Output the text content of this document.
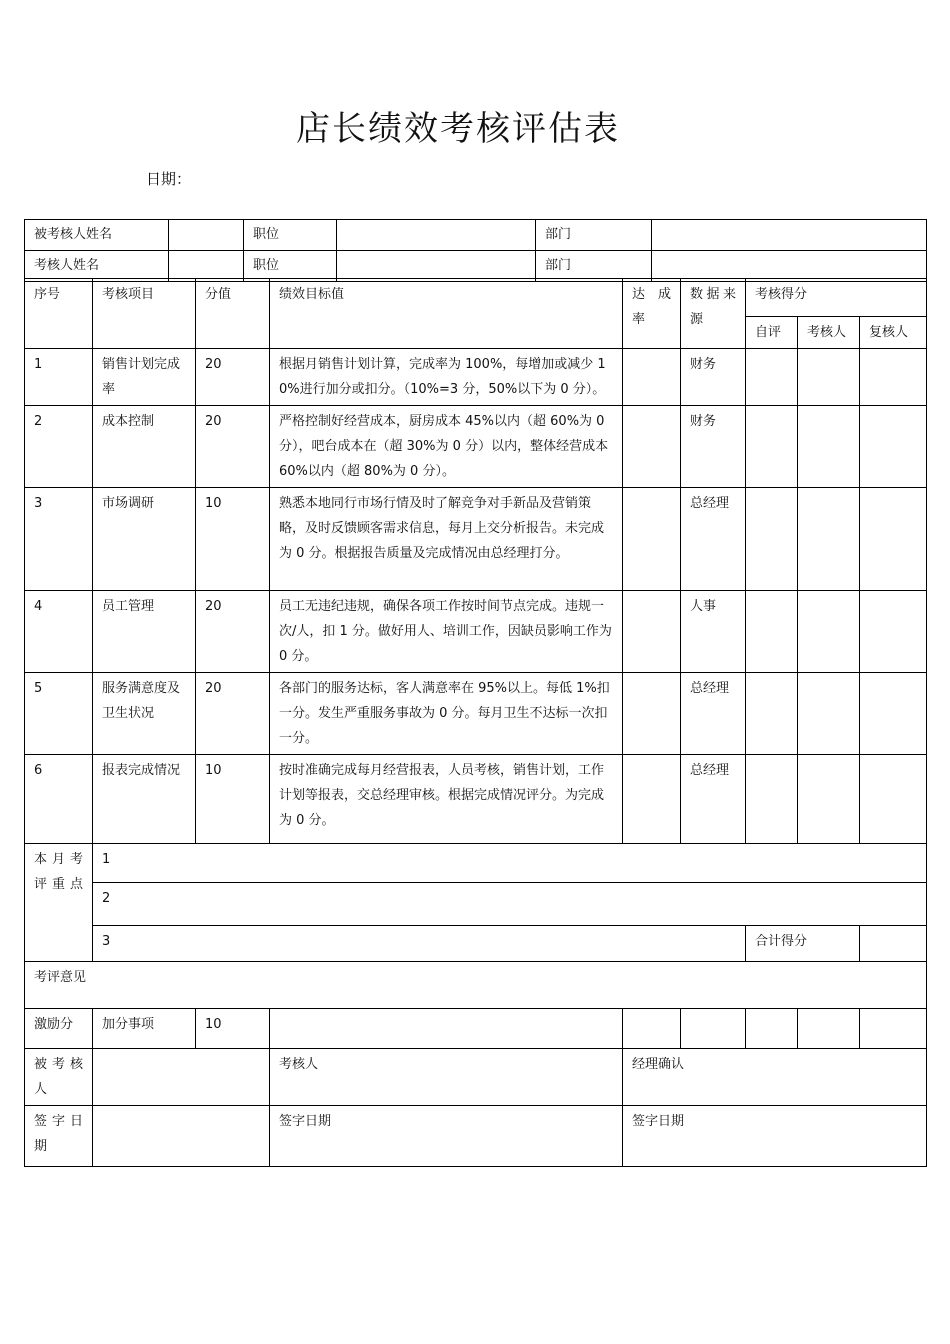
店长绩效考核评估表
日期：
被考核人姓名		职位		部门	
考核人姓名		职位		部门	
序号	考核项目	分值	绩效目标值	达 成 率	数据来源	考核得分		
						自评	考核人	复核人
1	销售计划完成率	20	根据月销售计划计算，完成率为 100%，每增加或减少 10%进行加分或扣分。（10%=3 分，50%以下为 0 分）。		财务			
2	成本控制	20	严格控制好经营成本，厨房成本 45%以内（超 60%为 0 分），吧台成本在（超 30%为 0 分）以内，整体经营成本 60%以内（超 80%为 0 分）。		财务			
3	市场调研	10	熟悉本地同行市场行情及时了解竞争对手新品及营销策略，及时反馈顾客需求信息，每月上交分析报告。未完成为 0 分。根据报告质量及完成情况由总经理打分。		总经理			
4	员工管理	20	员工无违纪违规，确保各项工作按时间节点完成。违规一次/人，扣 1 分。做好用人、培训工作，因缺员影响工作为 0 分。		人事			
5	服务满意度及卫生状况	20	各部门的服务达标，客人满意率在 95%以上。每低 1%扣一分。发生严重服务事故为 0 分。每月卫生不达标一次扣一分。		总经理			
6	报表完成情况	10	按时准确完成每月经营报表，人员考核，销售计划，工作计划等报表，交总经理审核。根据完成情况评分。为完成为 0 分。		总经理			
本月考评重点	1							
	2							
	3					合计得分		
考评意见								
激励分	加分事项	10						
被考核人			考核人	经理确认				
签字日期			签字日期	签字日期				
